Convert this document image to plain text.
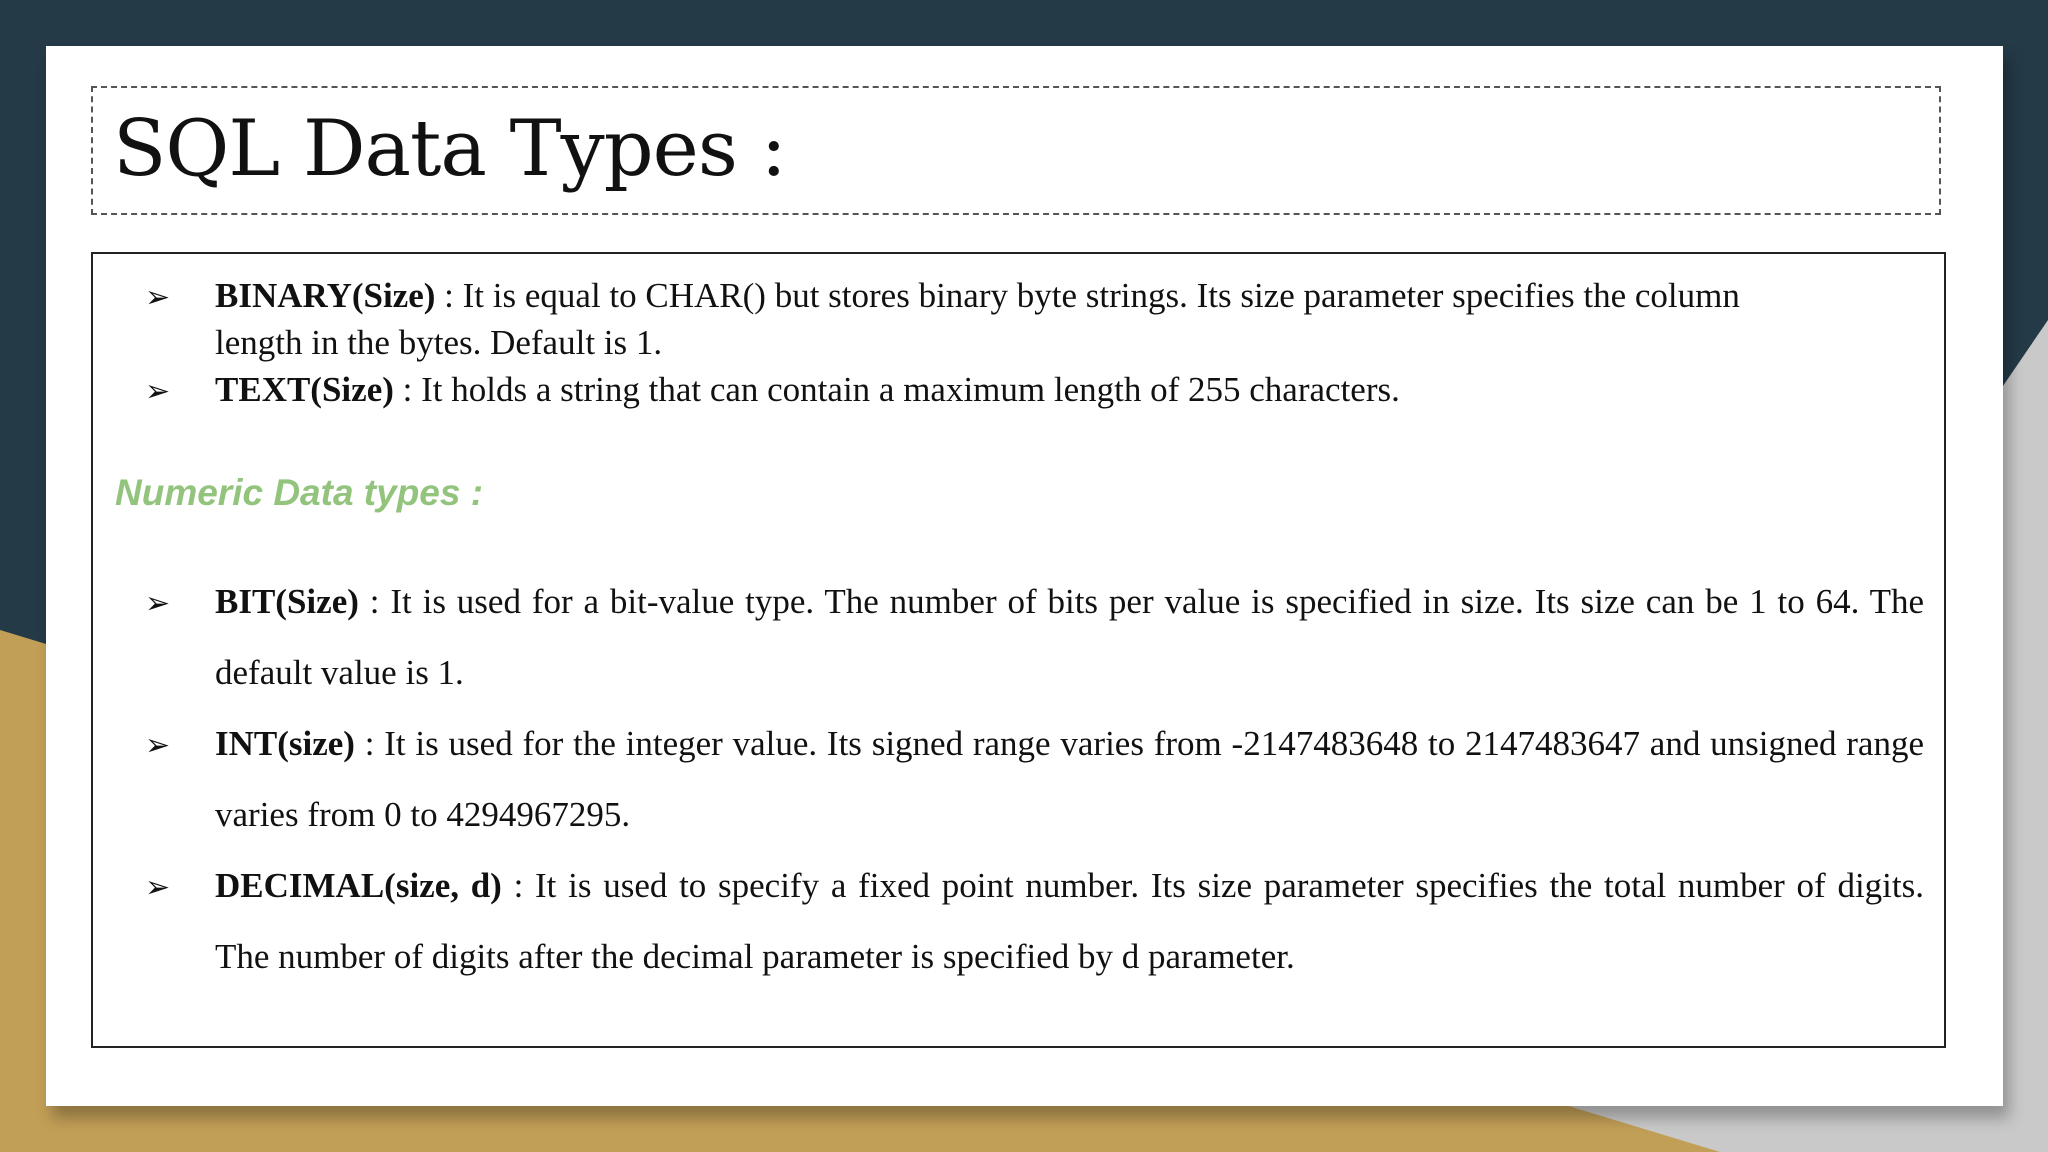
SQL Data Types :
➢ BINARY(Size) : It is equal to CHAR() but stores binary byte strings. Its size parameter specifies the column length in the bytes. Default is 1.
➢ TEXT(Size) : It holds a string that can contain a maximum length of 255 characters.
Numeric Data types :
➢ BIT(Size) : It is used for a bit-value type. The number of bits per value is specified in size. Its size can be 1 to 64. The default value is 1.
➢ INT(size) : It is used for the integer value. Its signed range varies from -2147483648 to 2147483647 and unsigned range varies from 0 to 4294967295.
➢ DECIMAL(size, d) : It is used to specify a fixed point number. Its size parameter specifies the total number of digits. The number of digits after the decimal parameter is specified by d parameter.
